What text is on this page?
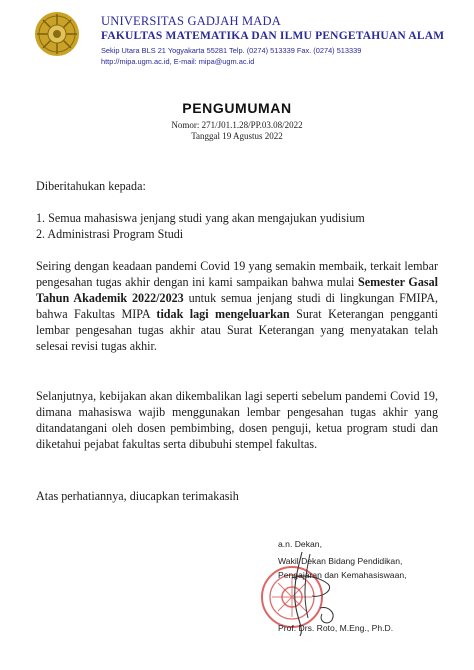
UNIVERSITAS GADJAH MADA
FAKULTAS MATEMATIKA DAN ILMU PENGETAHUAN ALAM
Sekip Utara BLS 21 Yogyakarta 55281 Telp. (0274) 513339 Fax. (0274) 513339
http://mipa.ugm.ac.id, E-mail: mipa@ugm.ac.id
PENGUMUMAN
Nomor: 271/J01.1.28/PP.03.08/2022
Tanggal 19 Agustus 2022
Diberitahukan kepada:
1. Semua mahasiswa jenjang studi yang akan mengajukan yudisium
2. Administrasi Program Studi
Seiring dengan keadaan pandemi Covid 19 yang semakin membaik, terkait lembar pengesahan tugas akhir dengan ini kami sampaikan bahwa mulai Semester Gasal Tahun Akademik 2022/2023 untuk semua jenjang studi di lingkungan FMIPA, bahwa Fakultas MIPA tidak lagi mengeluarkan Surat Keterangan pengganti lembar pengesahan tugas akhir atau Surat Keterangan yang menyatakan telah selesai revisi tugas akhir.
Selanjutnya, kebijakan akan dikembalikan lagi seperti sebelum pandemi Covid 19, dimana mahasiswa wajib menggunakan lembar pengesahan tugas akhir yang ditandatangani oleh dosen pembimbing, dosen penguji, ketua program studi dan diketahui pejabat fakultas serta dibubuhi stempel fakultas.
Atas perhatiannya, diucapkan terimakasih
a.n. Dekan,
Wakil Dekan Bidang Pendidikan,
Pengajaran dan Kemahasiswaan,
Prof. Drs. Roto, M.Eng., Ph.D.
